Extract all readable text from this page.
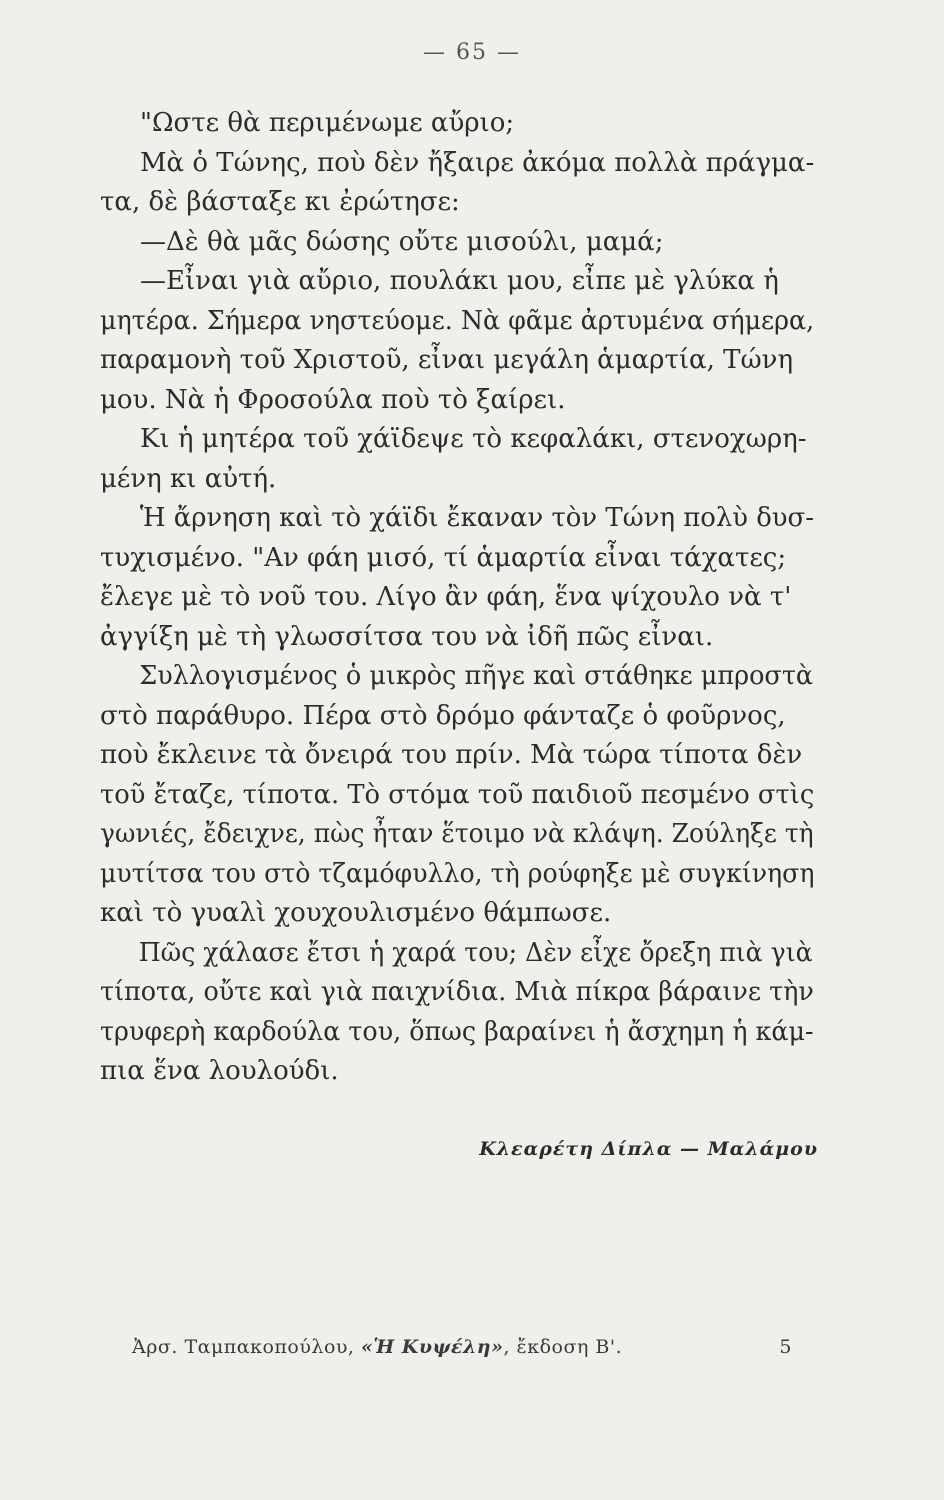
— 65 —
"Ωστε θὰ περιμένωμε αὔριο;
Μὰ ὁ Τώνης, ποὺ δὲν ἤξαιρε ἀκόμα πολλὰ πράγμα-
τα, δὲ βάσταξε κι ἐρώτησε:
—Δὲ θὰ μᾶς δώσης οὔτε μισούλι, μαμά;
—Εἶναι γιὰ αὔριο, πουλάκι μου, εἶπε μὲ γλύκα ἡ
μητέρα. Σήμερα νηστεύομε. Νὰ φᾶμε ἀρτυμένα σήμερα,
παραμονὴ τοῦ Χριστοῦ, εἶναι μεγάλη ἁμαρτία, Τώνη
μου. Νὰ ἡ Φροσούλα ποὺ τὸ ξαίρει.
Κι ἡ μητέρα τοῦ χάϊδεψε τὸ κεφαλάκι, στενοχωρη-
μένη κι αὐτή.
Ἡ ἄρνηση καὶ τὸ χάϊδι ἔκαναν τὸν Τώνη πολὺ δυσ-
τυχισμένο. "Αν φάη μισό, τί ἁμαρτία εἶναι τάχατες;
ἔλεγε μὲ τὸ νοῦ του. Λίγο ἂν φάη, ἕνα ψίχουλο νὰ τ'
ἀγγίξη μὲ τὴ γλωσσίτσα του νὰ ἰδῆ πῶς εἶναι.
Συλλογισμένος ὁ μικρὸς πῆγε καὶ στάθηκε μπροστὰ
στὸ παράθυρο. Πέρα στὸ δρόμο φάνταζε ὁ φοῦρνος,
ποὺ ἔκλεινε τὰ ὄνειρά του πρίν. Μὰ τώρα τίποτα δὲν
τοῦ ἔταζε, τίποτα. Τὸ στόμα τοῦ παιδιοῦ πεσμένο στὶς
γωνιές, ἔδειχνε, πὼς ἦταν ἕτοιμο νὰ κλάψη. Ζούληξε τὴ
μυτίτσα του στὸ τζαμόφυλλο, τὴ ρούφηξε μὲ συγκίνηση
καὶ τὸ γυαλὶ χουχουλισμένο θάμπωσε.
Πῶς χάλασε ἔτσι ἡ χαρά του; Δὲν εἶχε ὄρεξη πιὰ γιὰ
τίποτα, οὔτε καὶ γιὰ παιχνίδια. Μιὰ πίκρα βάραινε τὴν
τρυφερὴ καρδούλα του, ὅπως βαραίνει ἡ ἄσχημη ἡ κάμ-
πια ἕνα λουλούδι.
Κλεαρέτη Δίπλα — Μαλάμου
Ἀρσ. Ταμπακοπούλου, «Ἡ Κυψέλη», ἔκδοση Β'.	5
